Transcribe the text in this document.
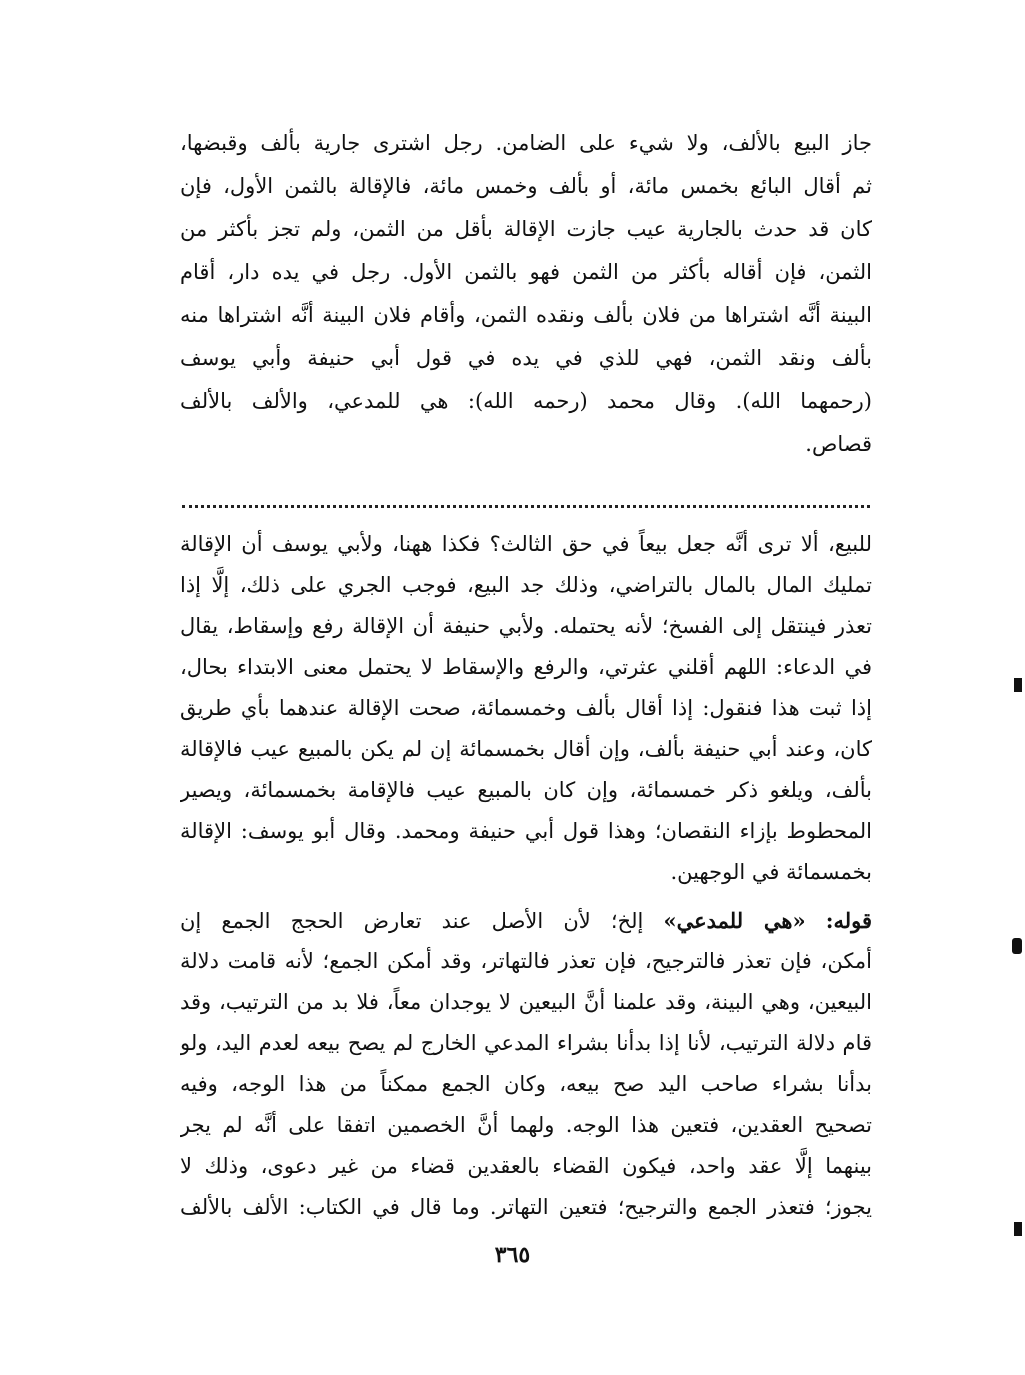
جاز البيع بالألف، ولا شيء على الضامن. رجل اشترى جارية بألف وقبضها،
ثم أقال البائع بخمس مائة، أو بألف وخمس مائة، فالإقالة بالثمن الأول، فإن
كان قد حدث بالجارية عيب جازت الإقالة بأقل من الثمن، ولم تجز بأكثر من
الثمن، فإن أقاله بأكثر من الثمن فهو بالثمن الأول. رجل في يده دار، أقام
البينة أنَّه اشتراها من فلان بألف ونقده الثمن، وأقام فلان البينة أنَّه اشتراها منه
بألف ونقد الثمن، فهي للذي في يده في قول أبي حنيفة وأبي يوسف
(رحمهما الله). وقال محمد (رحمه الله): هي للمدعي، والألف بالألف
قصاص.
للبيع، ألا ترى أنَّه جعل بيعاً في حق الثالث؟ فكذا ههنا، ولأبي يوسف أن الإقالة
تمليك المال بالمال بالتراضي، وذلك جد البيع، فوجب الجري على ذلك، إلَّا إذا
تعذر فينتقل إلى الفسخ؛ لأنه يحتمله. ولأبي حنيفة أن الإقالة رفع وإسقاط، يقال
في الدعاء: اللهم أقلني عثرتي، والرفع والإسقاط لا يحتمل معنى الابتداء بحال،
إذا ثبت هذا فنقول: إذا أقال بألف وخمسمائة، صحت الإقالة عندهما بأي طريق
كان، وعند أبي حنيفة بألف، وإن أقال بخمسمائة إن لم يكن بالمبيع عيب فالإقالة
بألف، ويلغو ذكر خمسمائة، وإن كان بالمبيع عيب فالإقامة بخمسمائة، ويصير
المحطوط بإزاء النقصان؛ وهذا قول أبي حنيفة ومحمد. وقال أبو يوسف: الإقالة
بخمسمائة في الوجهين.
قوله: «هي للمدعي» إلخ؛ لأن الأصل عند تعارض الحجج الجمع إن
أمكن، فإن تعذر فالترجيح، فإن تعذر فالتهاتر، وقد أمكن الجمع؛ لأنه قامت دلالة
البيعين، وهي البينة، وقد علمنا أنَّ البيعين لا يوجدان معاً، فلا بد من الترتيب، وقد
قام دلالة الترتيب، لأنا إذا بدأنا بشراء المدعي الخارج لم يصح بيعه لعدم اليد، ولو
بدأنا بشراء صاحب اليد صح بيعه، وكان الجمع ممكناً من هذا الوجه، وفيه
تصحيح العقدين، فتعين هذا الوجه. ولهما أنَّ الخصمين اتفقا على أنَّه لم يجر
بينهما إلَّا عقد واحد، فيكون القضاء بالعقدين قضاء من غير دعوى، وذلك لا
يجوز؛ فتعذر الجمع والترجيح؛ فتعين التهاتر. وما قال في الكتاب: الألف بالألف
٣٦٥
